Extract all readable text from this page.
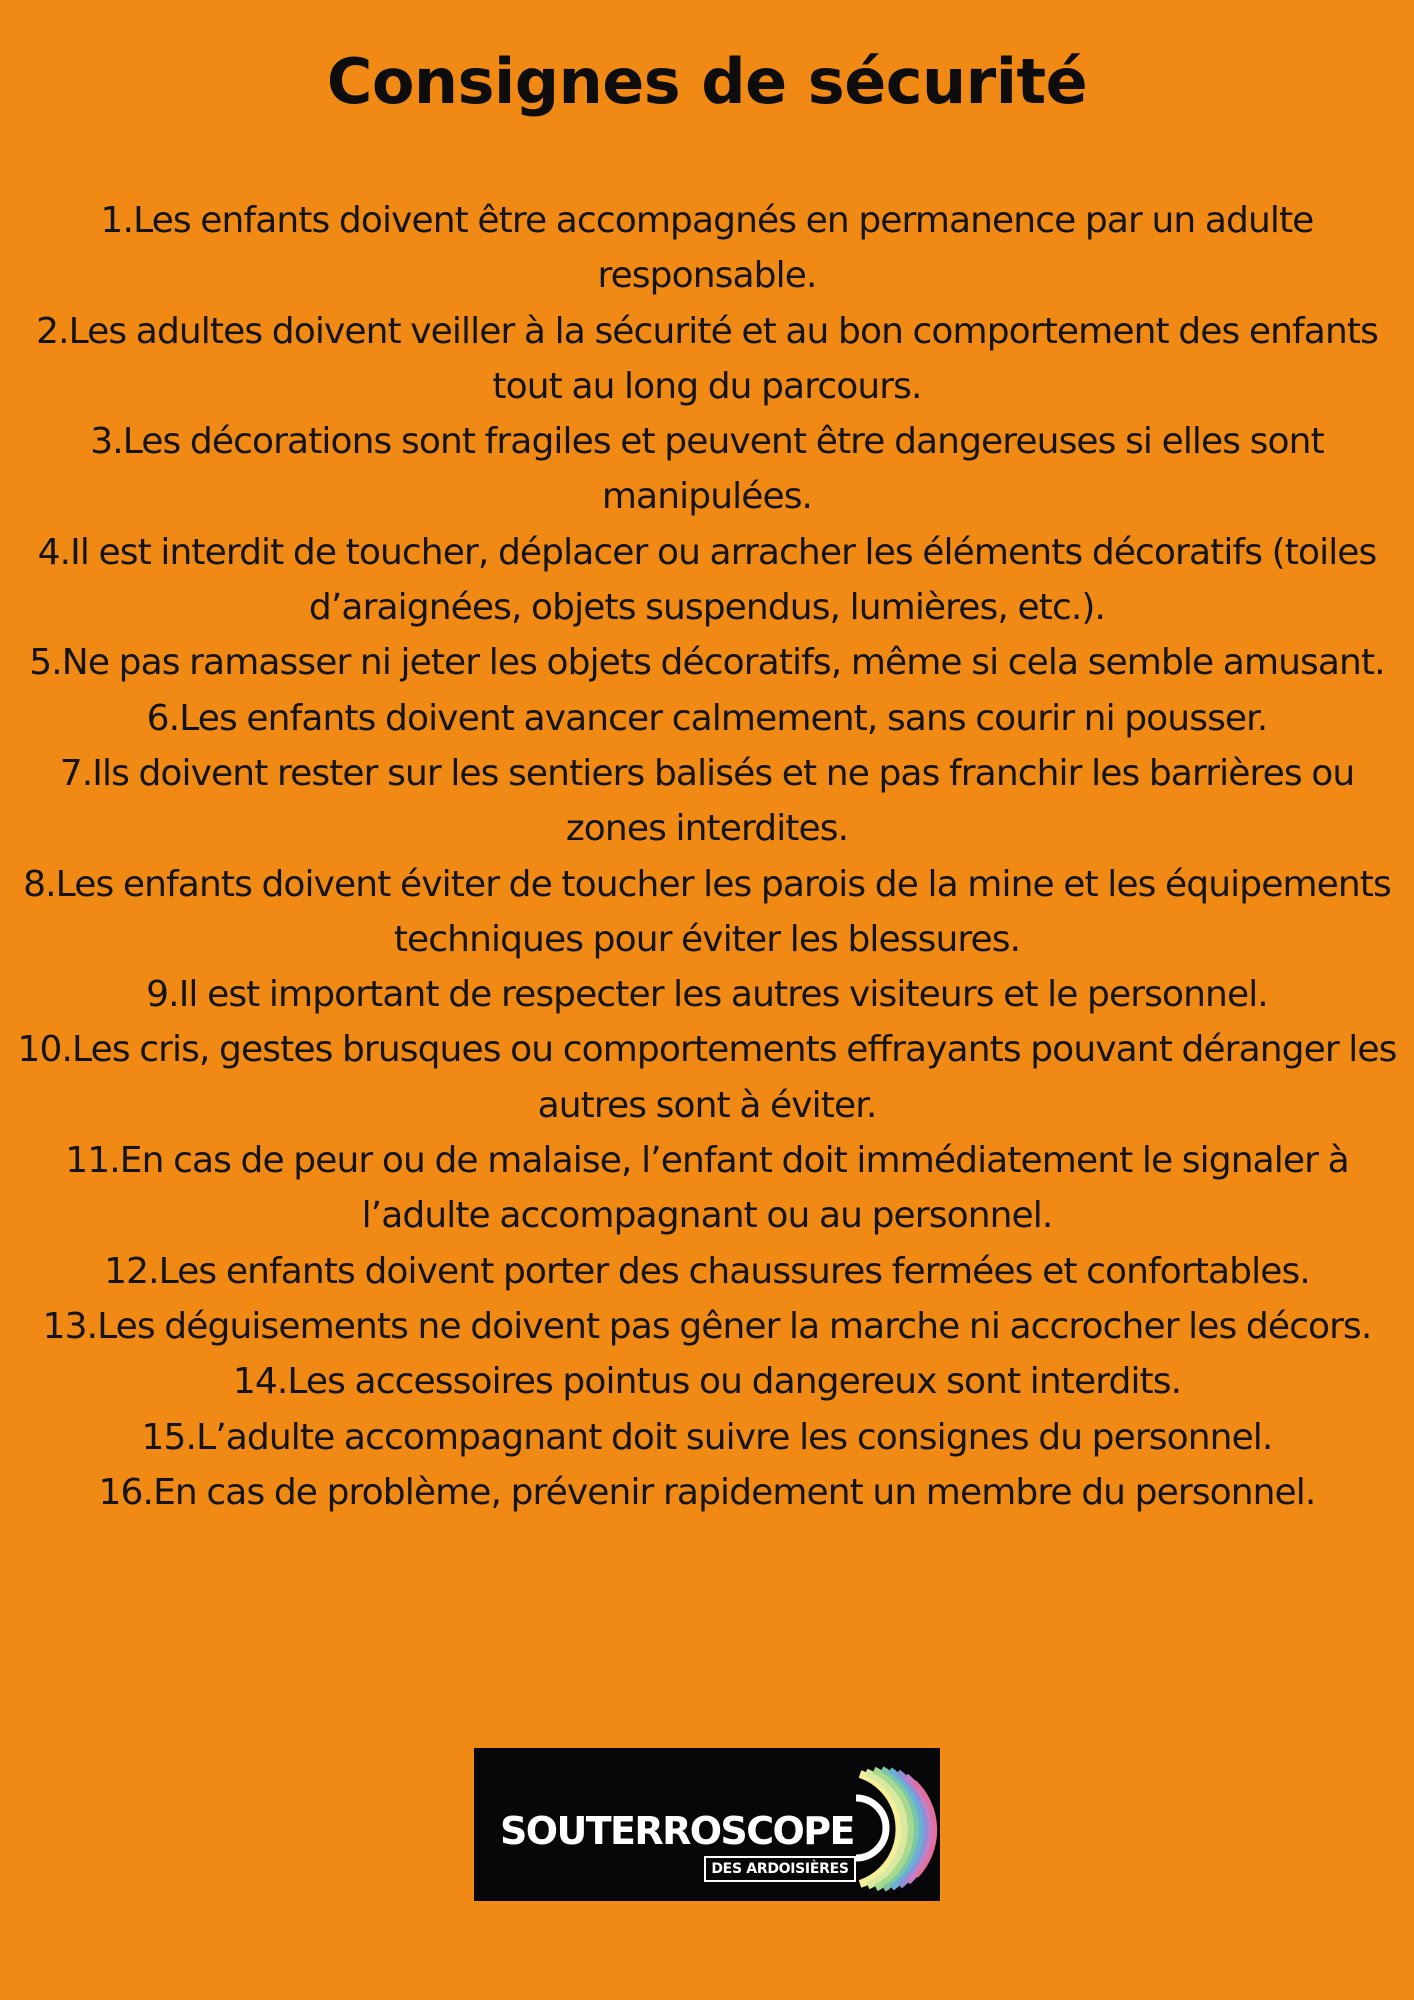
Consignes de sécurité
1.Les enfants doivent être accompagnés en permanence par un adulte responsable.
2.Les adultes doivent veiller à la sécurité et au bon comportement des enfants tout au long du parcours.
3.Les décorations sont fragiles et peuvent être dangereuses si elles sont manipulées.
4.Il est interdit de toucher, déplacer ou arracher les éléments décoratifs (toiles d’araignées, objets suspendus, lumières, etc.).
5.Ne pas ramasser ni jeter les objets décoratifs, même si cela semble amusant.
6.Les enfants doivent avancer calmement, sans courir ni pousser.
7.Ils doivent rester sur les sentiers balisés et ne pas franchir les barrières ou zones interdites.
8.Les enfants doivent éviter de toucher les parois de la mine et les équipements techniques pour éviter les blessures.
9.Il est important de respecter les autres visiteurs et le personnel.
10.Les cris, gestes brusques ou comportements effrayants pouvant déranger les autres sont à éviter.
11.En cas de peur ou de malaise, l’enfant doit immédiatement le signaler à l’adulte accompagnant ou au personnel.
12.Les enfants doivent porter des chaussures fermées et confortables.
13.Les déguisements ne doivent pas gêner la marche ni accrocher les décors.
14.Les accessoires pointus ou dangereux sont interdits.
15.L’adulte accompagnant doit suivre les consignes du personnel.
16.En cas de problème, prévenir rapidement un membre du personnel.
SOUTERROSCOPE
DES ARDOISIÈRES
